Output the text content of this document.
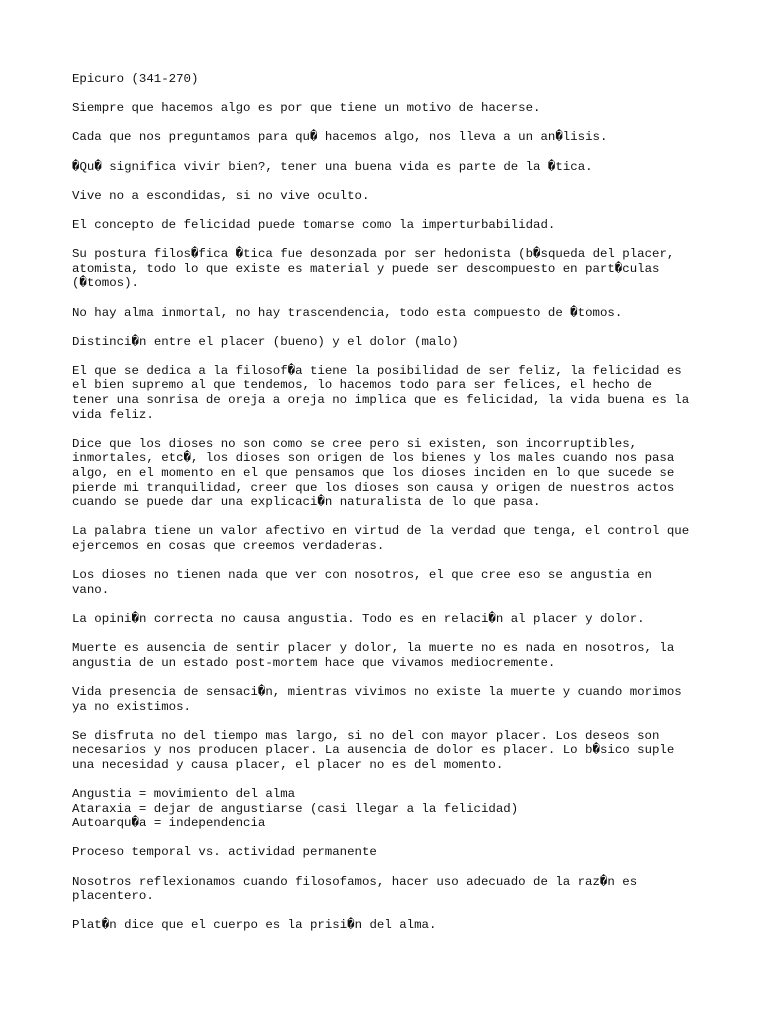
Epicuro (341-270)

Siempre que hacemos algo es por que tiene un motivo de hacerse.

Cada que nos preguntamos para qu� hacemos algo, nos lleva a un an�lisis.

�Qu� significa vivir bien?, tener una buena vida es parte de la �tica.

Vive no a escondidas, si no vive oculto.

El concepto de felicidad puede tomarse como la imperturbabilidad.

Su postura filos�fica �tica fue desonzada por ser hedonista (b�squeda del placer,
atomista, todo lo que existe es material y puede ser descompuesto en part�culas
(�tomos).

No hay alma inmortal, no hay trascendencia, todo esta compuesto de �tomos.

Distinci�n entre el placer (bueno) y el dolor (malo)

El que se dedica a la filosof�a tiene la posibilidad de ser feliz, la felicidad es
el bien supremo al que tendemos, lo hacemos todo para ser felices, el hecho de
tener una sonrisa de oreja a oreja no implica que es felicidad, la vida buena es la
vida feliz.

Dice que los dioses no son como se cree pero si existen, son incorruptibles,
inmortales, etc�, los dioses son origen de los bienes y los males cuando nos pasa
algo, en el momento en el que pensamos que los dioses inciden en lo que sucede se
pierde mi tranquilidad, creer que los dioses son causa y origen de nuestros actos
cuando se puede dar una explicaci�n naturalista de lo que pasa.

La palabra tiene un valor afectivo en virtud de la verdad que tenga, el control que
ejercemos en cosas que creemos verdaderas.

Los dioses no tienen nada que ver con nosotros, el que cree eso se angustia en
vano.

La opini�n correcta no causa angustia. Todo es en relaci�n al placer y dolor.

Muerte es ausencia de sentir placer y dolor, la muerte no es nada en nosotros, la
angustia de un estado post-mortem hace que vivamos mediocremente.

Vida presencia de sensaci�n, mientras vivimos no existe la muerte y cuando morimos
ya no existimos.

Se disfruta no del tiempo mas largo, si no del con mayor placer. Los deseos son
necesarios y nos producen placer. La ausencia de dolor es placer. Lo b�sico suple
una necesidad y causa placer, el placer no es del momento.

Angustia = movimiento del alma
Ataraxia = dejar de angustiarse (casi llegar a la felicidad)
Autoarqu�a = independencia

Proceso temporal vs. actividad permanente

Nosotros reflexionamos cuando filosofamos, hacer uso adecuado de la raz�n es
placentero.

Plat�n dice que el cuerpo es la prisi�n del alma.
